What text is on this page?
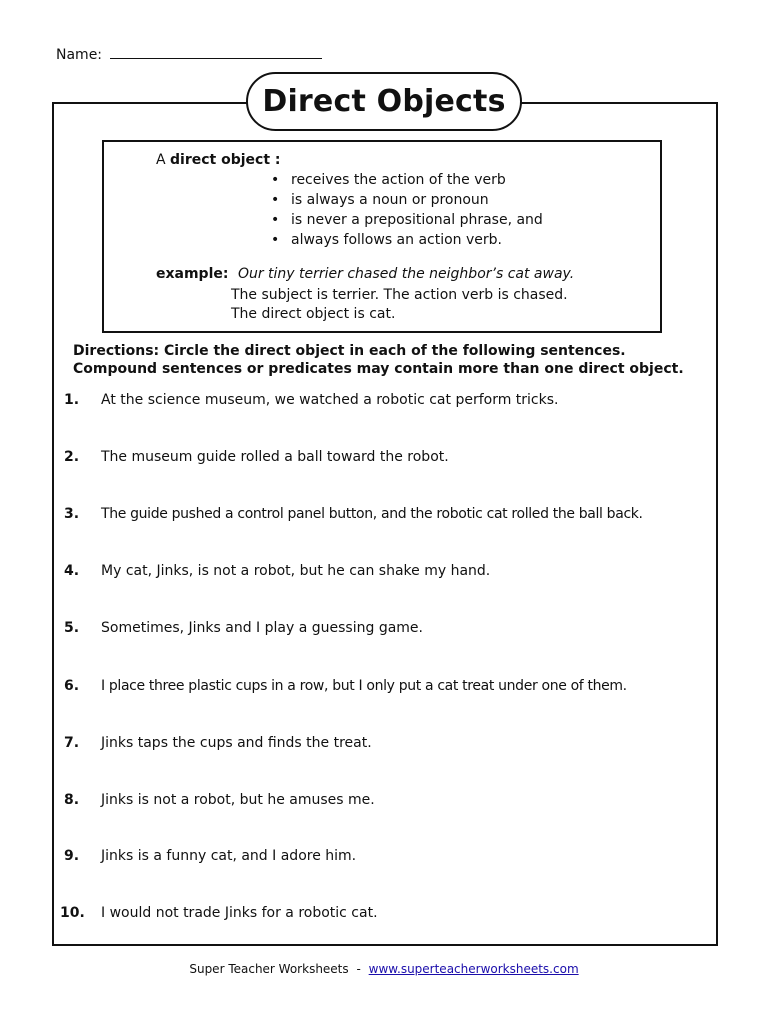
Name:
Direct Objects
A direct object :
• receives the action of the verb
• is always a noun or pronoun
• is never a prepositional phrase, and
• always follows an action verb.
example: Our tiny terrier chased the neighbor’s cat away.
The subject is terrier. The action verb is chased.
The direct object is cat.
Directions: Circle the direct object in each of the following sentences. Compound sentences or predicates may contain more than one direct object.
1. At the science museum, we watched a robotic cat perform tricks.
2. The museum guide rolled a ball toward the robot.
3. The guide pushed a control panel button, and the robotic cat rolled the ball back.
4. My cat, Jinks, is not a robot, but he can shake my hand.
5. Sometimes, Jinks and I play a guessing game.
6. I place three plastic cups in a row, but I only put a cat treat under one of them.
7. Jinks taps the cups and finds the treat.
8. Jinks is not a robot, but he amuses me.
9. Jinks is a funny cat, and I adore him.
10. I would not trade Jinks for a robotic cat.
Super Teacher Worksheets - www.superteacherworksheets.com
